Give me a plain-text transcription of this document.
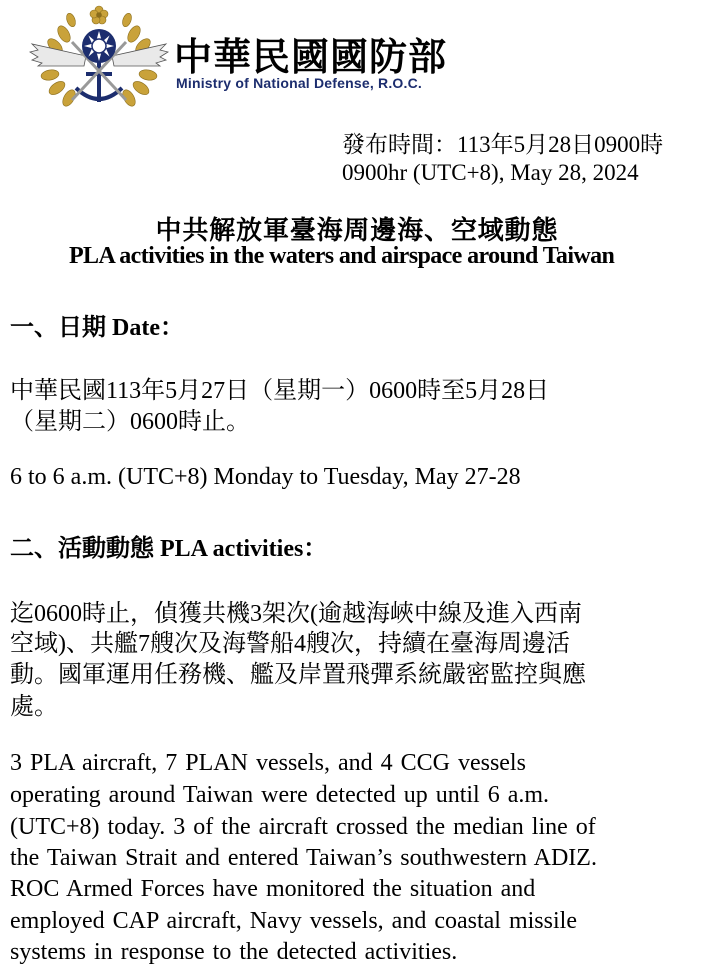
中華民國國防部
Ministry of National Defense, R.O.C.
發布時間：113年5月28日0900時
0900hr (UTC+8), May 28, 2024
中共解放軍臺海周邊海、空域動態
PLA activities in the waters and airspace around Taiwan
一、日期 Date：
中華民國113年5月27日（星期一）0600時至5月28日
（星期二）0600時止。
6 to 6 a.m. (UTC+8) Monday to Tuesday, May 27-28
二、活動動態 PLA activities：
迄0600時止，偵獲共機3架次(逾越海峽中線及進入西南
空域)、共艦7艘次及海警船4艘次，持續在臺海周邊活
動。國軍運用任務機、艦及岸置飛彈系統嚴密監控與應
處。
3 PLA aircraft, 7 PLAN vessels, and 4 CCG vessels
operating around Taiwan were detected up until 6 a.m.
(UTC+8) today. 3 of the aircraft crossed the median line of
the Taiwan Strait and entered Taiwan’s southwestern ADIZ.
ROC Armed Forces have monitored the situation and
employed CAP aircraft, Navy vessels, and coastal missile
systems in response to the detected activities.
